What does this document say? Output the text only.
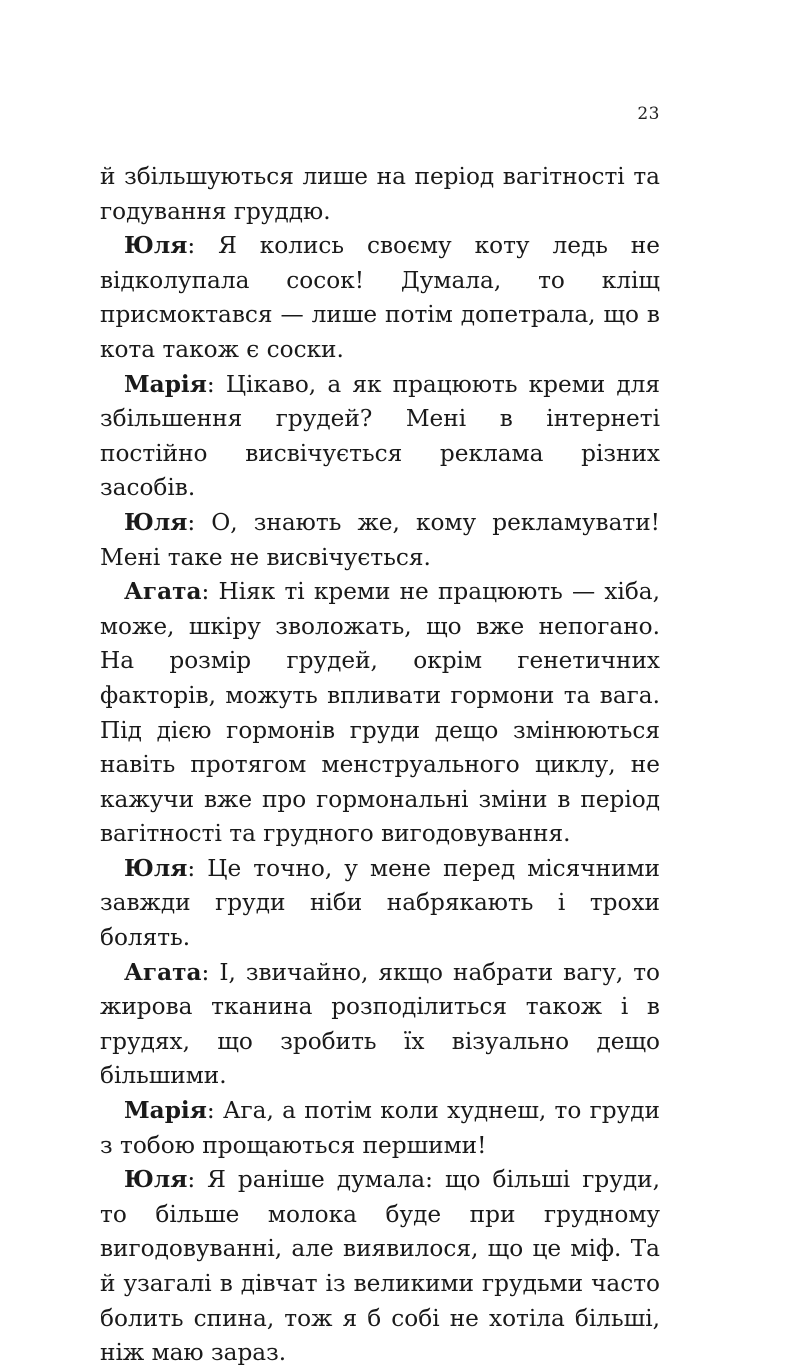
23

й збільшуються лише на період вагітності та годування груддю.

Юля: Я колись своєму коту ледь не відколупала сосок! Думала, то кліщ присмоктався — лише потім допетрала, що в кота також є соски.

Марія: Цікаво, а як працюють креми для збільшення грудей? Мені в інтернеті постійно висвічується реклама різних засобів.

Юля: О, знають же, кому рекламувати! Мені таке не висвічується.

Агата: Ніяк ті креми не працюють — хіба, може, шкіру зволожать, що вже непогано. На розмір грудей, окрім генетичних факторів, можуть впливати гормони та вага. Під дією гормонів груди дещо змінюються навіть протягом менструального циклу, не кажучи вже про гормональні зміни в період вагітності та грудного вигодовування.

Юля: Це точно, у мене перед місячними завжди груди ніби набрякають і трохи болять.

Агата: І, звичайно, якщо набрати вагу, то жирова тканина розподілиться також і в грудях, що зробить їх візуально дещо більшими.

Марія: Ага, а потім коли худнеш, то груди з тобою прощаються першими!

Юля: Я раніше думала: що більші груди, то більше молока буде при грудному вигодовуванні, але виявилося, що це міф. Та й узагалі в дівчат із великими грудьми часто болить спина, тож я б собі не хотіла більші, ніж маю зараз.
